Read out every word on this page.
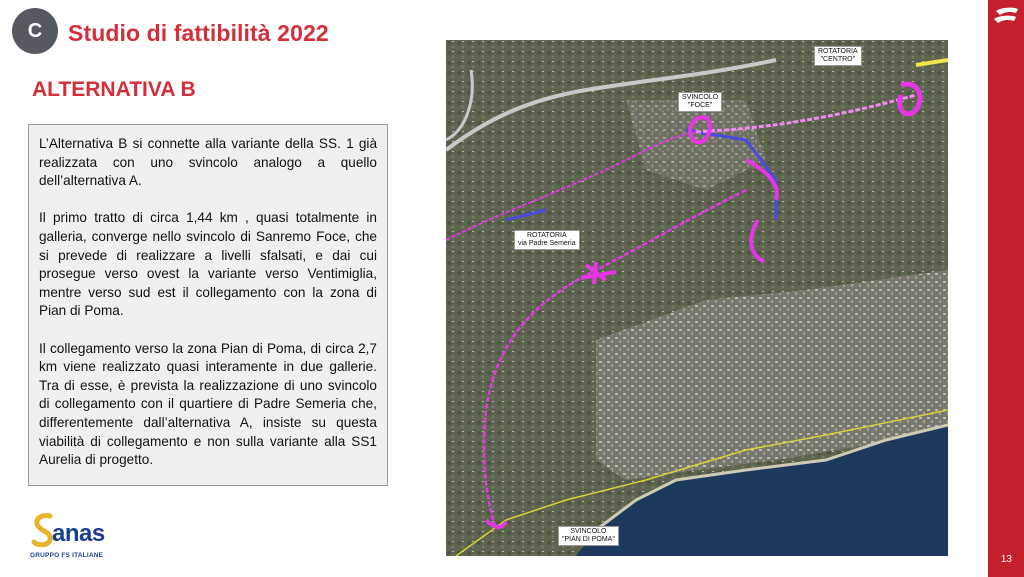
C	Studio di fattibilità 2022
ALTERNATIVA B

L’Alternativa B si connette alla variante della SS. 1 già realizzata con uno svincolo analogo a quello dell’alternativa A.

Il primo tratto di circa 1,44 km , quasi totalmente in galleria, converge nello svincolo di Sanremo Foce, che si prevede di realizzare a livelli sfalsati, e dai cui prosegue verso ovest la variante verso Ventimiglia, mentre verso sud est il collegamento con la zona di Pian di Poma.

Il collegamento verso la zona Pian di Poma, di circa 2,7 km viene realizzato quasi interamente in due gallerie. Tra di esse, è prevista la realizzazione di uno svincolo di collegamento con il quartiere di Padre Semeria che, differentemente dall’alternativa A, insiste su questa viabilità di collegamento e non sulla variante alla SS1 Aurelia di progetto.

ROTATORIA
"CENTRO"
SVINCOLO
"FOCE"
ROTATORIA
via Padre Semeria
SVINCOLO
"PIAN DI POMA"
13
anas
GRUPPO FS ITALIANE
